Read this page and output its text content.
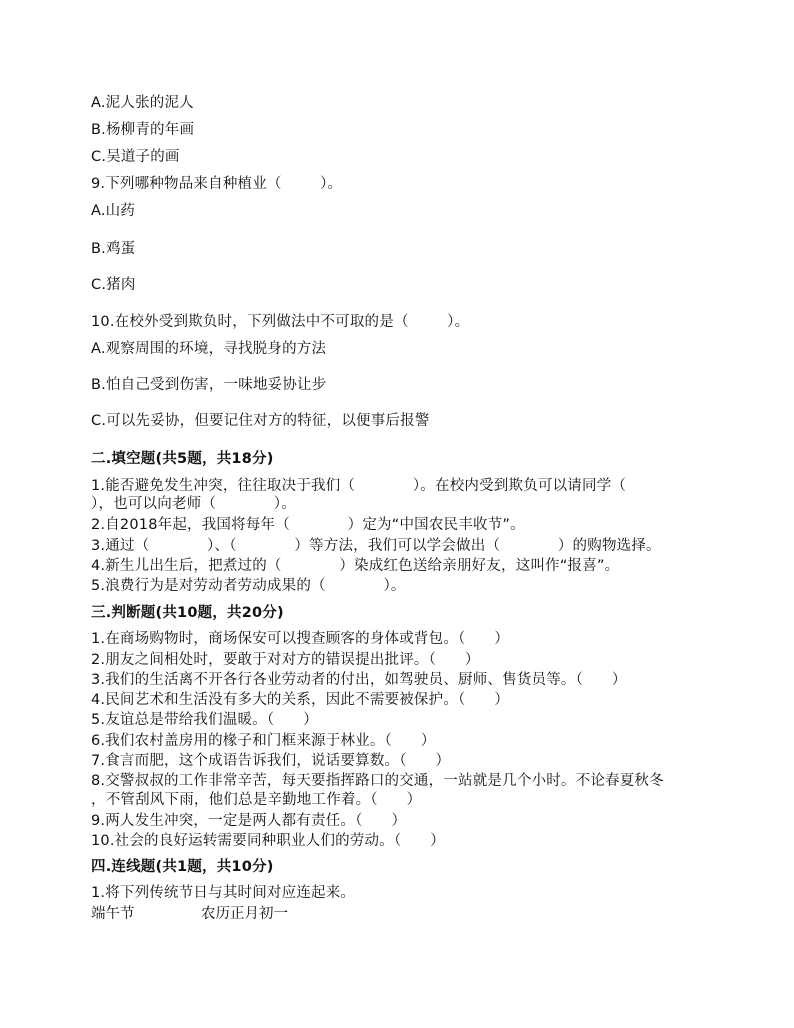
A.泥人张的泥人
B.杨柳青的年画
C.吴道子的画
9.下列哪种物品来自种植业（        ）。
A.山药
B.鸡蛋
C.猪肉
10.在校外受到欺负时，下列做法中不可取的是（        ）。
A.观察周围的环境，寻找脱身的方法
B.怕自己受到伤害，一味地妥协让步
C.可以先妥协，但要记住对方的特征，以便事后报警
二.填空题(共5题，共18分)
1.能否避免发生冲突，往往取决于我们（            ）。在校内受到欺负可以请同学（
），也可以向老师（            ）。
2.自2018年起，我国将每年（            ）定为“中国农民丰收节”。
3.通过（            ）、（            ）等方法，我们可以学会做出（            ）的购物选择。
4.新生儿出生后，把煮过的（            ）染成红色送给亲朋好友，这叫作“报喜”。
5.浪费行为是对劳动者劳动成果的（            ）。
三.判断题(共10题，共20分)
1.在商场购物时，商场保安可以搜查顾客的身体或背包。（      ）
2.朋友之间相处时，要敢于对对方的错误提出批评。（      ）
3.我们的生活离不开各行各业劳动者的付出，如驾驶员、厨师、售货员等。（      ）
4.民间艺术和生活没有多大的关系，因此不需要被保护。（      ）
5.友谊总是带给我们温暖。（      ）
6.我们农村盖房用的椽子和门框来源于林业。（      ）
7.食言而肥，这个成语告诉我们，说话要算数。（      ）
8.交警叔叔的工作非常辛苦，每天要指挥路口的交通，一站就是几个小时。不论春夏秋冬
，不管刮风下雨，他们总是辛勤地工作着。（      ）
9.两人发生冲突，一定是两人都有责任。（      ）
10.社会的良好运转需要同种职业人们的劳动。（      ）
四.连线题(共1题，共10分)
1.将下列传统节日与其时间对应连起来。
端午节	农历正月初一
